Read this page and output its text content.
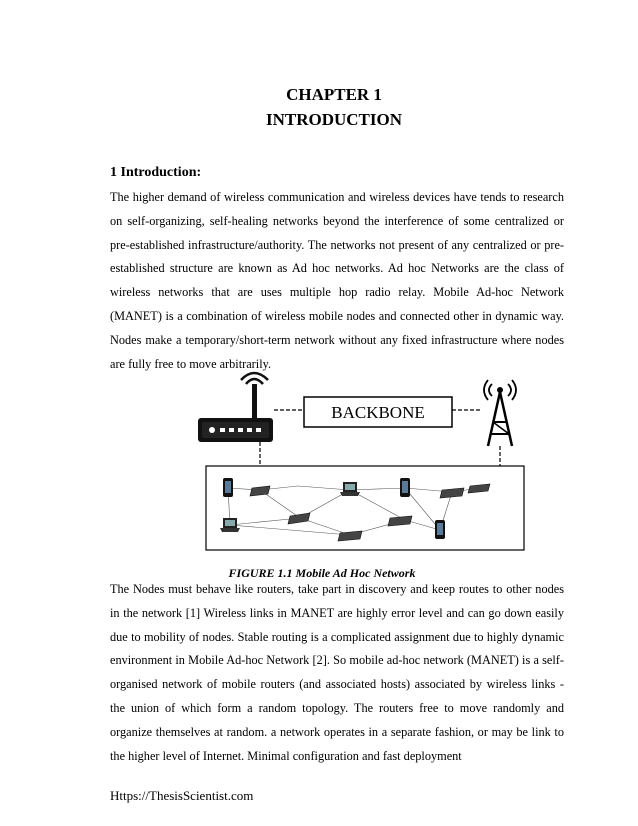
CHAPTER 1
INTRODUCTION
1 Introduction:

The higher demand of wireless communication and wireless devices have tends to research on self-organizing, self-healing networks beyond the interference of some centralized or pre-established infrastructure/authority. The networks not present of any centralized or pre-established structure are known as Ad hoc networks. Ad hoc Networks are the class of wireless networks that are uses multiple hop radio relay. Mobile Ad-hoc Network (MANET) is a combination of wireless mobile nodes and connected other in dynamic way. Nodes make a temporary/short-term network without any fixed infrastructure where nodes are fully free to move arbitrarily.

BACKBONE
FIGURE 1.1 Mobile Ad Hoc Network

The Nodes must behave like routers, take part in discovery and keep routes to other nodes in the network [1] Wireless links in MANET are highly error level and can go down easily due to mobility of nodes. Stable routing is a complicated assignment due to highly dynamic environment in Mobile Ad-hoc Network [2]. So mobile ad-hoc network (MANET) is a self-organised network of mobile routers (and associated hosts) associated by wireless links - the union of which form a random topology. The routers free to move randomly and organize themselves at random. a network operates in a separate fashion, or may be link to the higher level of Internet. Minimal configuration and fast deployment

Https://ThesisScientist.com
